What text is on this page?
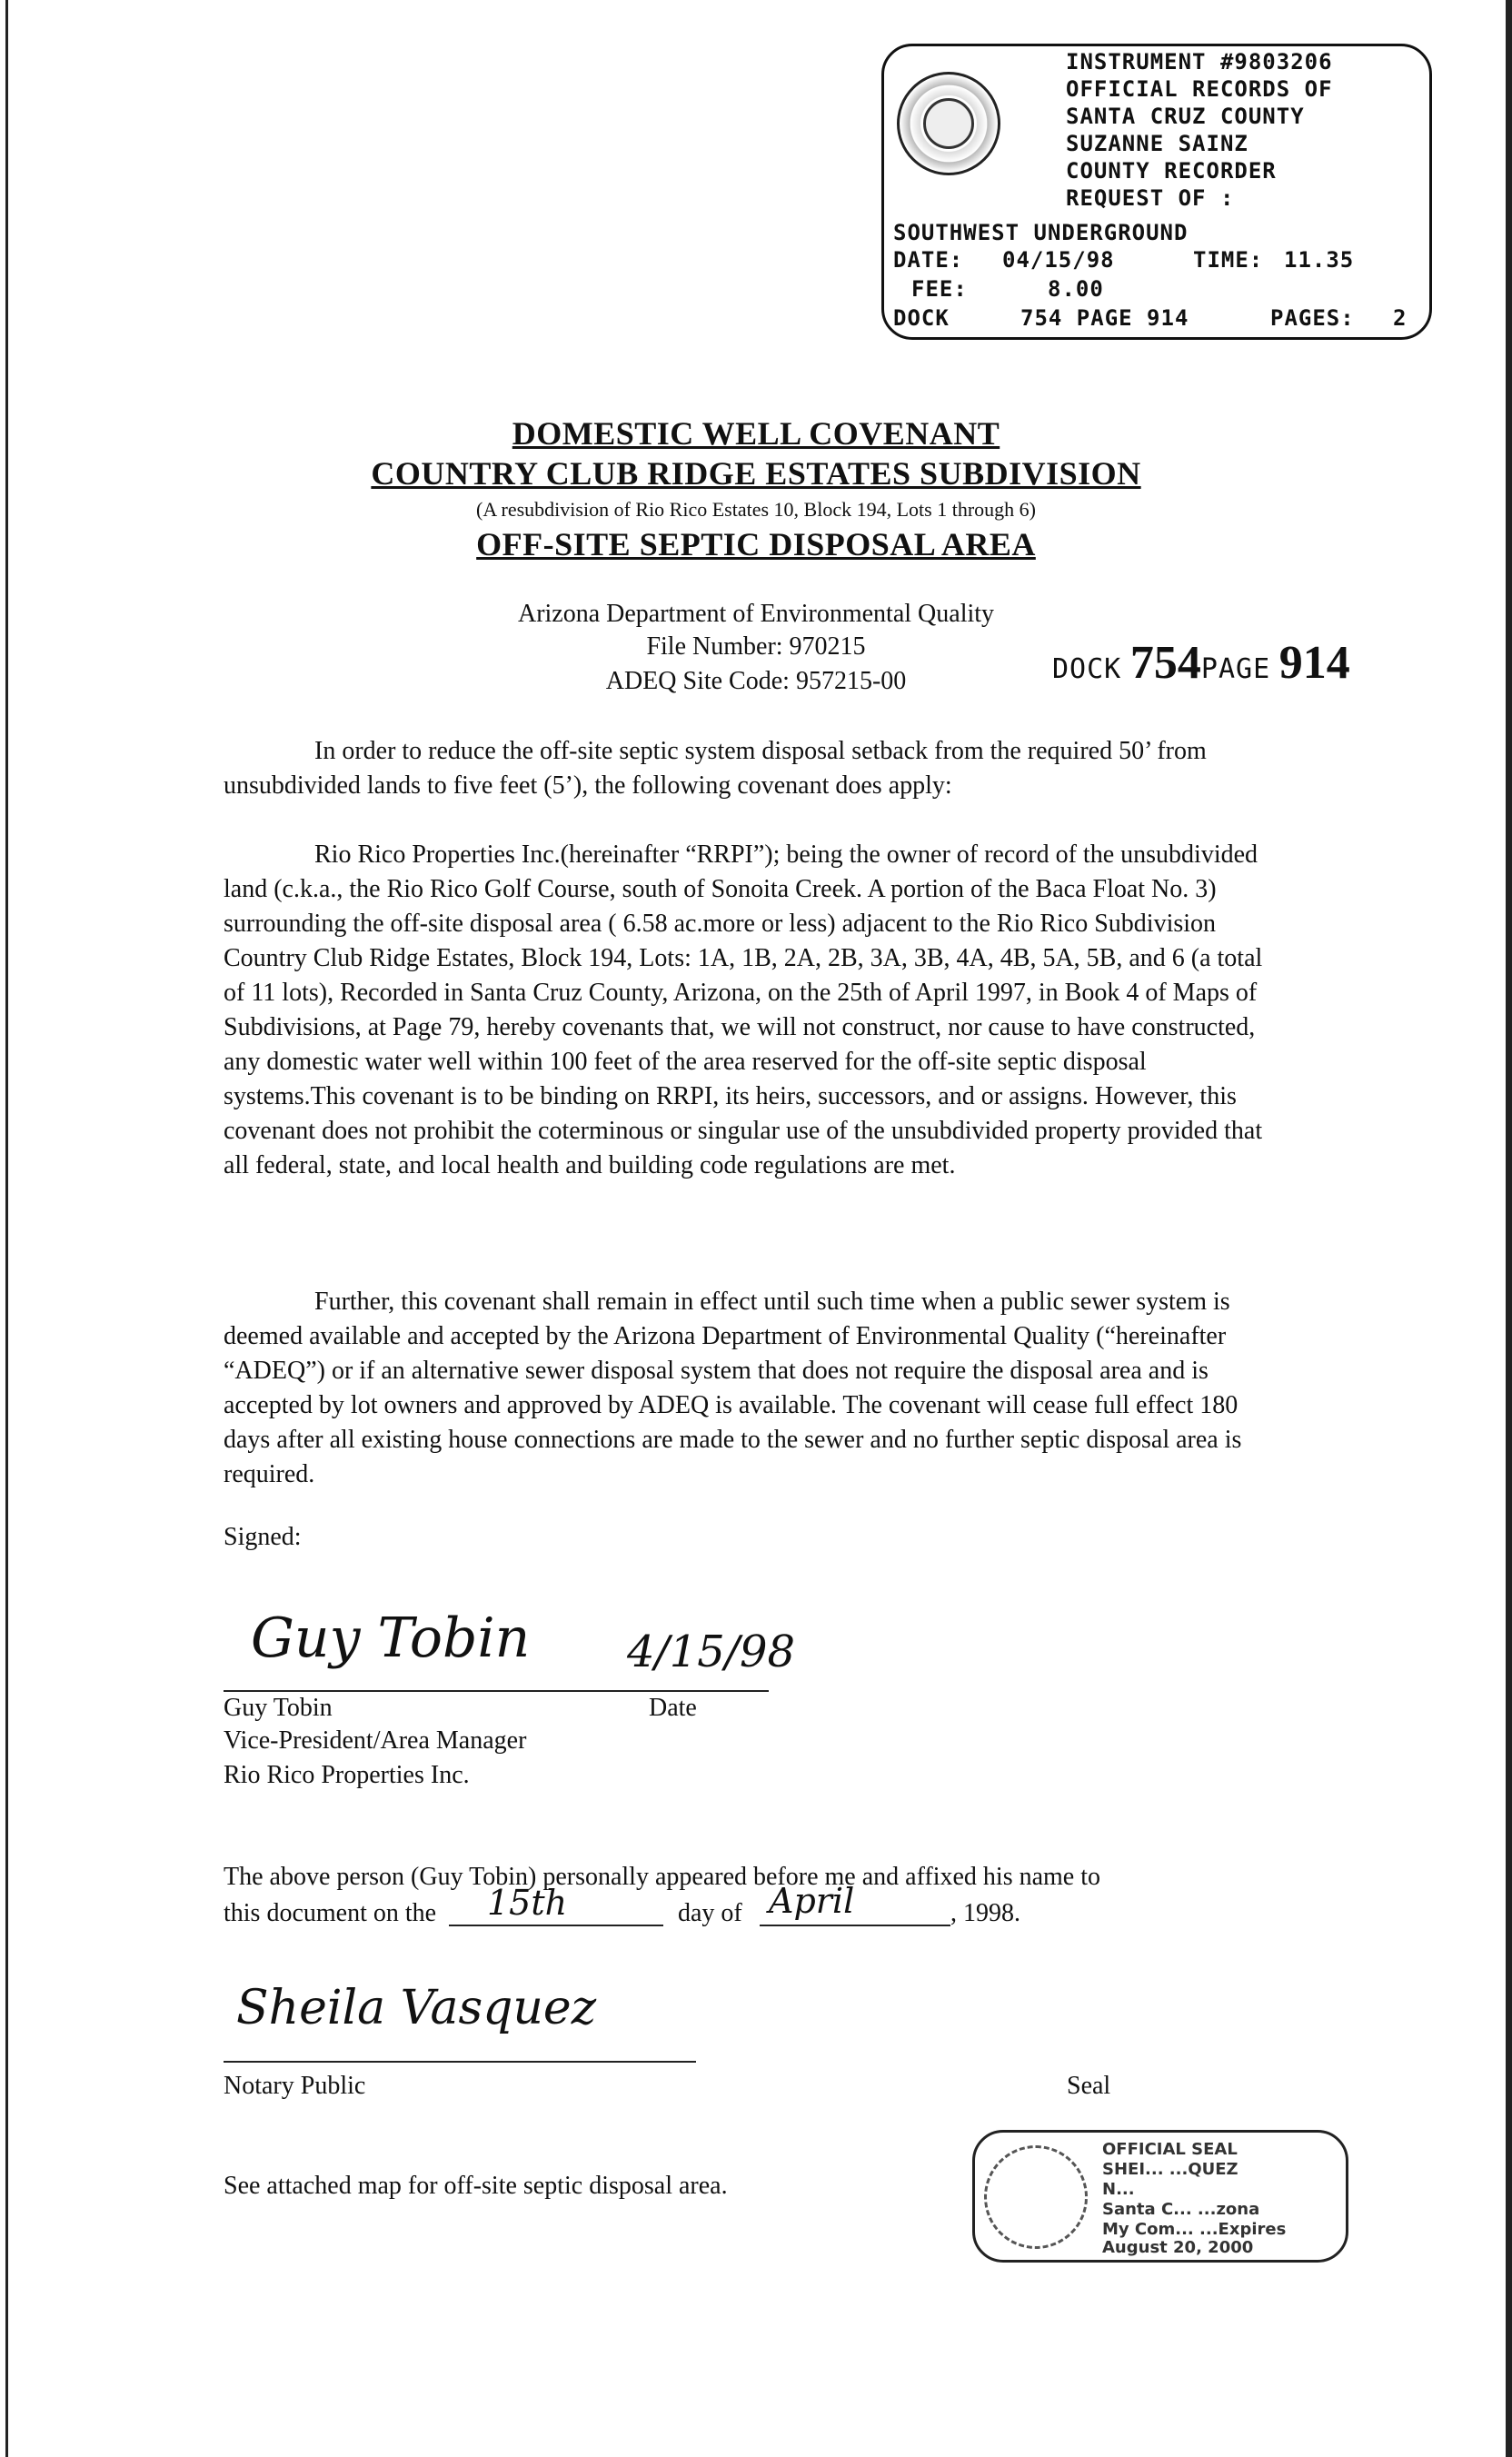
INSTRUMENT #9803206
OFFICIAL RECORDS OF
SANTA CRUZ COUNTY
SUZANNE SAINZ
COUNTY RECORDER
REQUEST OF :
SOUTHWEST UNDERGROUND
DATE: 04/15/98	TIME: 11.35
FEE:	8.00
DOCK	754 PAGE 914	PAGES: 2
DOMESTIC WELL COVENANT
COUNTRY CLUB RIDGE ESTATES SUBDIVISION
(A resubdivision of Rio Rico Estates 10, Block 194, Lots 1 through 6)
OFF-SITE SEPTIC DISPOSAL AREA
Arizona Department of Environmental Quality
File Number: 970215
ADEQ Site Code: 957215-00	DOCK 754PAGE 914
In order to reduce the off-site septic system disposal setback from the required 50’ from unsubdivided lands to five feet (5’), the following covenant does apply:
Rio Rico Properties Inc.(hereinafter “RRPI”); being the owner of record of the unsubdivided land (c.k.a., the Rio Rico Golf Course, south of Sonoita Creek. A portion of the Baca Float No. 3) surrounding the off-site disposal area ( 6.58 ac.more or less) adjacent to the Rio Rico Subdivision Country Club Ridge Estates, Block 194, Lots: 1A, 1B, 2A, 2B, 3A, 3B, 4A, 4B, 5A, 5B, and 6 (a total of 11 lots), Recorded in Santa Cruz County, Arizona, on the 25th of April 1997, in Book 4 of Maps of Subdivisions, at Page 79, hereby covenants that, we will not construct, nor cause to have constructed, any domestic water well within 100 feet of the area reserved for the off-site septic disposal systems.This covenant is to be binding on RRPI, its heirs, successors, and or assigns. However, this covenant does not prohibit the coterminous or singular use of the unsubdivided property provided that all federal, state, and local health and building code regulations are met.
Further, this covenant shall remain in effect until such time when a public sewer system is deemed available and accepted by the Arizona Department of Environmental Quality (“hereinafter “ADEQ”) or if an alternative sewer disposal system that does not require the disposal area and is accepted by lot owners and approved by ADEQ is available. The covenant will cease full effect 180 days after all existing house connections are made to the sewer and no further septic disposal area is required.
Signed:
Guy Tobin 4/15/98
Guy Tobin	Date
Vice-President/Area Manager
Rio Rico Properties Inc.
The above person (Guy Tobin) personally appeared before me and affixed his name to
this document on the 15th	day of April	, 1998.
Sheila Vasquez
Notary Public	Seal
See attached map for off-site septic disposal area.
OFFICIAL SEAL
SHEI... ...QUEZ
N...
Santa C... ...zona
My Com... ...Expires
August 20, 2000
